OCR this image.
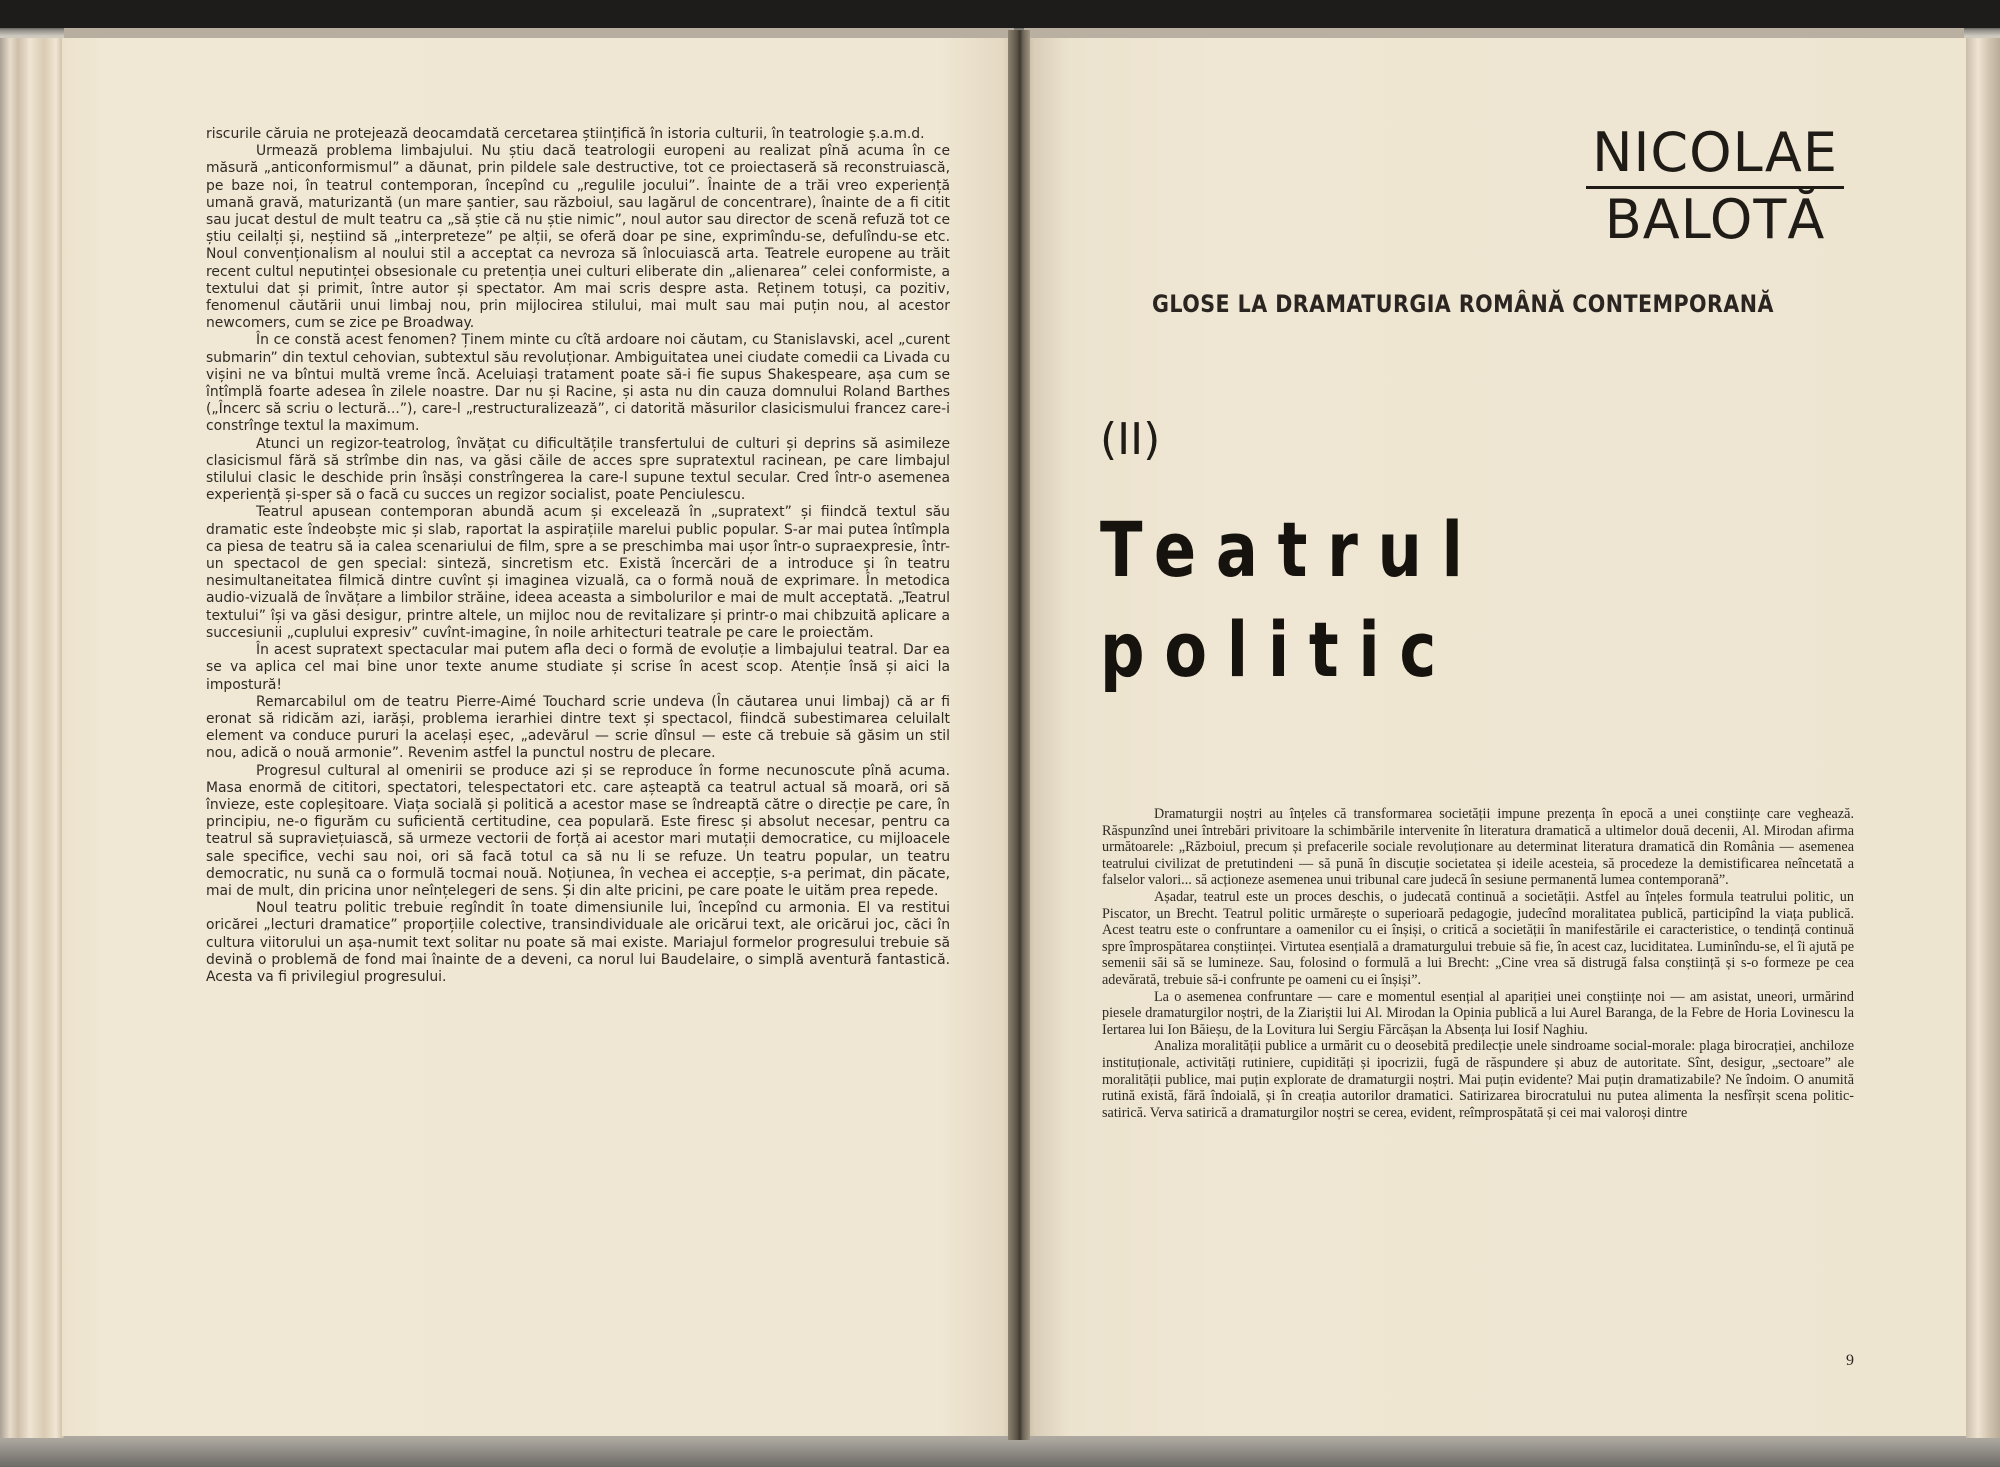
riscurile căruia ne protejează deocamdată cercetarea științifică în istoria culturii, în teatrologie ș.a.m.d.

Urmează problema limbajului. Nu știu dacă teatrologii europeni au realizat pînă acuma în ce măsură „anticonformismul” a dăunat, prin pildele sale destructive, tot ce proiectaseră să reconstruiască, pe baze noi, în teatrul contemporan, începînd cu „regulile jocului”. Înainte de a trăi vreo experiență umană gravă, maturizantă (un mare șantier, sau războiul, sau lagărul de concentrare), înainte de a fi citit sau jucat destul de mult teatru ca „să știe că nu știe nimic”, noul autor sau director de scenă refuză tot ce știu ceilalți și, neștiind să „interpreteze” pe alții, se oferă doar pe sine, exprimîndu-se, defulîndu-se etc. Noul convenționalism al noului stil a acceptat ca nevroza să înlocuiască arta. Teatrele europene au trăit recent cultul neputinței obsesionale cu pretenția unei culturi eliberate din „alienarea” celei conformiste, a textului dat și primit, între autor și spectator. Am mai scris despre asta. Reținem totuși, ca pozitiv, fenomenul căutării unui limbaj nou, prin mijlocirea stilului, mai mult sau mai puțin nou, al acestor newcomers, cum se zice pe Broadway.

În ce constă acest fenomen? Ținem minte cu cîtă ardoare noi căutam, cu Stanislavski, acel „curent submarin” din textul cehovian, subtextul său revoluționar. Ambiguitatea unei ciudate comedii ca Livada cu vișini ne va bîntui multă vreme încă. Aceluiași tratament poate să-i fie supus Shakespeare, așa cum se întîmplă foarte adesea în zilele noastre. Dar nu și Racine, și asta nu din cauza domnului Roland Barthes („Încerc să scriu o lectură...”), care-l „restructuralizează”, ci datorită măsurilor clasicismului francez care-i constrînge textul la maximum.

Atunci un regizor-teatrolog, învățat cu dificultățile transfertului de culturi și deprins să asimileze clasicismul fără să strîmbe din nas, va găsi căile de acces spre supratextul racinean, pe care limbajul stilului clasic le deschide prin însăși constrîngerea la care-l supune textul secular. Cred într-o asemenea experiență și-sper să o facă cu succes un regizor socialist, poate Penciulescu.

Teatrul apusean contemporan abundă acum și excelează în „supratext” și fiindcă textul său dramatic este îndeobște mic și slab, raportat la aspirațiile marelui public popular. S-ar mai putea întîmpla ca piesa de teatru să ia calea scenariului de film, spre a se preschimba mai ușor într-o supraexpresie, într-un spectacol de gen special: sinteză, sincretism etc. Există încercări de a introduce și în teatru nesimultaneitatea filmică dintre cuvînt și imaginea vizuală, ca o formă nouă de exprimare. În metodica audio-vizuală de învățare a limbilor străine, ideea aceasta a simbolurilor e mai de mult acceptată. „Teatrul textului” își va găsi desigur, printre altele, un mijloc nou de revitalizare și printr-o mai chibzuită aplicare a succesiunii „cuplului expresiv” cuvînt-imagine, în noile arhitecturi teatrale pe care le proiectăm.

În acest supratext spectacular mai putem afla deci o formă de evoluție a limbajului teatral. Dar ea se va aplica cel mai bine unor texte anume studiate și scrise în acest scop. Atenție însă și aici la impostură!

Remarcabilul om de teatru Pierre-Aimé Touchard scrie undeva (În căutarea unui limbaj) că ar fi eronat să ridicăm azi, iarăși, problema ierarhiei dintre text și spectacol, fiindcă subestimarea celuilalt element va conduce pururi la același eșec, „adevărul — scrie dînsul — este că trebuie să găsim un stil nou, adică o nouă armonie”. Revenim astfel la punctul nostru de plecare.

Progresul cultural al omenirii se produce azi și se reproduce în forme necunoscute pînă acuma. Masa enormă de cititori, spectatori, telespectatori etc. care așteaptă ca teatrul actual să moară, ori să învieze, este copleșitoare. Viața socială și politică a acestor mase se îndreaptă către o direcție pe care, în principiu, ne-o figurăm cu suficientă certitudine, cea populară. Este firesc și absolut necesar, pentru ca teatrul să supraviețuiască, să urmeze vectorii de forță ai acestor mari mutații democratice, cu mijloacele sale specifice, vechi sau noi, ori să facă totul ca să nu li se refuze. Un teatru popular, un teatru democratic, nu sună ca o formulă tocmai nouă. Noțiunea, în vechea ei accepție, s-a perimat, din păcate, mai de mult, din pricina unor neînțelegeri de sens. Și din alte pricini, pe care poate le uităm prea repede.

Noul teatru politic trebuie regîndit în toate dimensiunile lui, începînd cu armonia. El va restitui oricărei „lecturi dramatice” proporțiile colective, transindividuale ale oricărui text, ale oricărui joc, căci în cultura viitorului un așa-numit text solitar nu poate să mai existe. Mariajul formelor progresului trebuie să devină o problemă de fond mai înainte de a deveni, ca norul lui Baudelaire, o simplă aventură fantastică. Acesta va fi privilegiul progresului.

NICOLAE
BALOTĂ
GLOSE LA DRAMATURGIA ROMÂNĂ CONTEMPORANĂ
(II)
Teatrul
politic

Dramaturgii noștri au înțeles că transformarea societății impune prezența în epocă a unei conștiințe care veghează. Răspunzînd unei întrebări privitoare la schimbările intervenite în literatura dramatică a ultimelor două decenii, Al. Mirodan afirma următoarele: „Războiul, precum și prefacerile sociale revoluționare au determinat literatura dramatică din România — asemenea teatrului civilizat de pretutindeni — să pună în discuție societatea și ideile acesteia, să procedeze la demistificarea neîncetată a falselor valori... să acționeze asemenea unui tribunal care judecă în sesiune permanentă lumea contemporană”.

Așadar, teatrul este un proces deschis, o judecată continuă a societății. Astfel au înțeles formula teatrului politic, un Piscator, un Brecht. Teatrul politic urmărește o superioară pedagogie, judecînd moralitatea publică, participînd la viața publică. Acest teatru este o confruntare a oamenilor cu ei înșiși, o critică a societății în manifestările ei caracteristice, o tendință continuă spre împrospătarea conștiinței. Virtutea esențială a dramaturgului trebuie să fie, în acest caz, luciditatea. Luminîndu-se, el îi ajută pe semenii săi să se lumineze. Sau, folosind o formulă a lui Brecht: „Cine vrea să distrugă falsa conștiință și s-o formeze pe cea adevărată, trebuie să-i confrunte pe oameni cu ei înșiși”.

La o asemenea confruntare — care e momentul esențial al apariției unei conștiințe noi — am asistat, uneori, urmărind piesele dramaturgilor noștri, de la Ziariștii lui Al. Mirodan la Opinia publică a lui Aurel Baranga, de la Febre de Horia Lovinescu la Iertarea lui Ion Băieșu, de la Lovitura lui Sergiu Fărcășan la Absența lui Iosif Naghiu.

Analiza moralității publice a urmărit cu o deosebită predilecție unele sindroame social-morale: plaga birocrației, anchiloze instituționale, activități rutiniere, cupidități și ipocrizii, fugă de răspundere și abuz de autoritate. Sînt, desigur, „sectoare” ale moralității publice, mai puțin explorate de dramaturgii noștri. Mai puțin evidente? Mai puțin dramatizabile? Ne îndoim. O anumită rutină există, fără îndoială, și în creația autorilor dramatici. Satirizarea birocratului nu putea alimenta la nesfîrșit scena politic-satirică. Verva satirică a dramaturgilor noștri se cerea, evident, reîmprospătată și cei mai valoroși dintre

9
